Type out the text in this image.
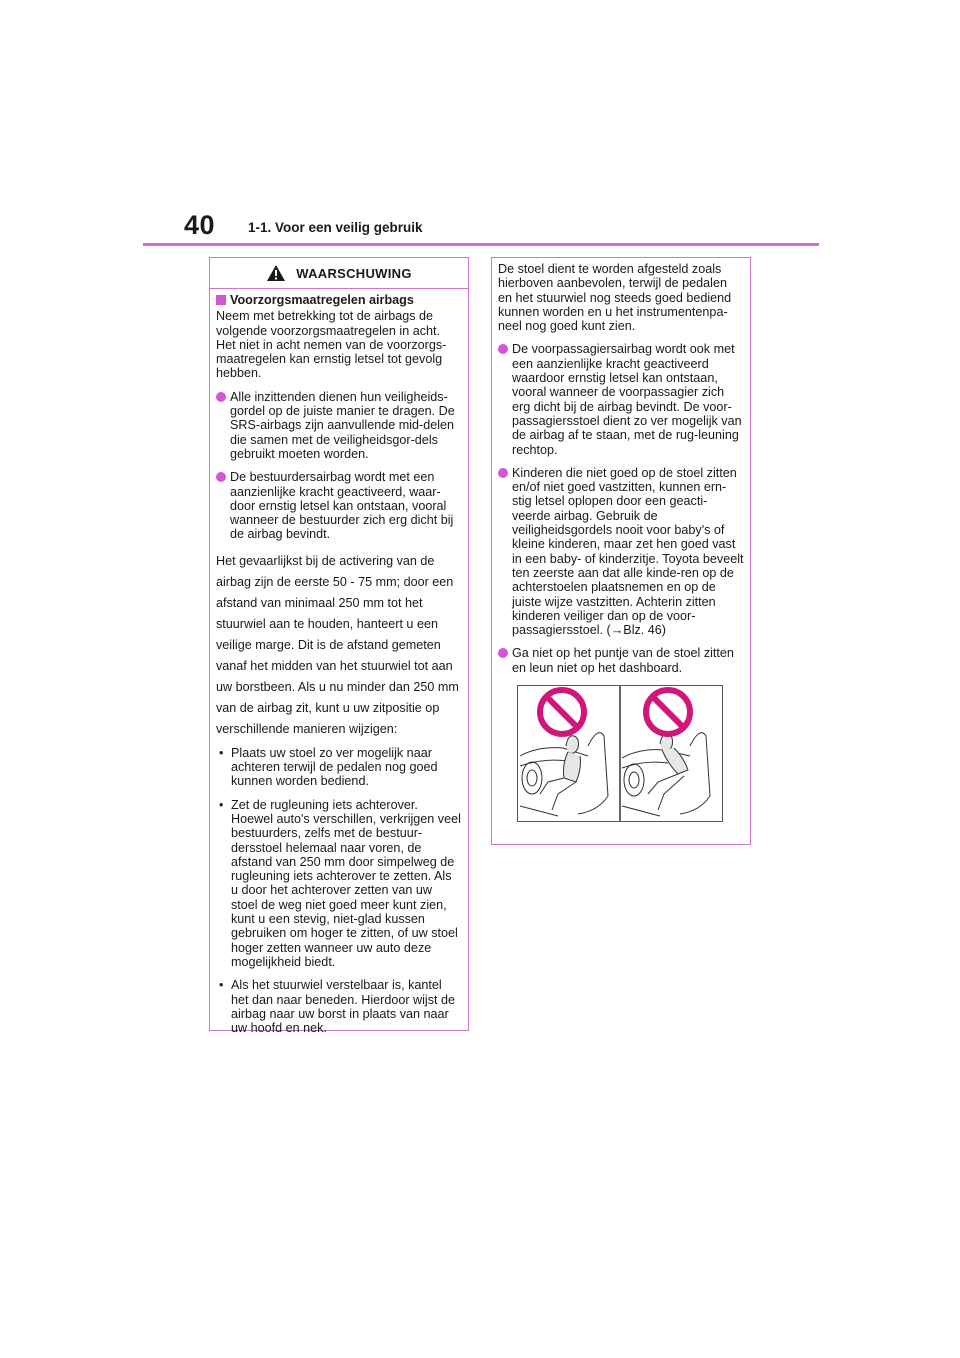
40 1-1. Voor een veilig gebruik
WAARSCHUWING
Voorzorgsmaatregelen airbags

Neem met betrekking tot de airbags de volgende voorzorgsmaatregelen in acht. Het niet in acht nemen van de voorzorgs-maatregelen kan ernstig letsel tot gevolg hebben.

Alle inzittenden dienen hun veiligheids-gordel op de juiste manier te dragen. De SRS-airbags zijn aanvullende mid-delen die samen met de veiligheidsgor-dels gebruikt moeten worden.
De bestuurdersairbag wordt met een aanzienlijke kracht geactiveerd, waar-door ernstig letsel kan ontstaan, vooral wanneer de bestuurder zich erg dicht bij de airbag bevindt.

Het gevaarlijkst bij de activering van de airbag zijn de eerste 50 - 75 mm; door een afstand van minimaal 250 mm tot het stuurwiel aan te houden, hanteert u een veilige marge. Dit is de afstand gemeten vanaf het midden van het stuurwiel tot aan uw borstbeen. Als u nu minder dan 250 mm van de airbag zit, kunt u uw zitpositie op verschillende manieren wijzigen:

• Plaats uw stoel zo ver mogelijk naar achteren terwijl de pedalen nog goed kunnen worden bediend.
• Zet de rugleuning iets achterover. Hoewel auto's verschillen, verkrijgen veel bestuurders, zelfs met de bestuur-dersstoel helemaal naar voren, de afstand van 250 mm door simpelweg de rugleuning iets achterover te zetten. Als u door het achterover zetten van uw stoel de weg niet goed meer kunt zien, kunt u een stevig, niet-glad kussen gebruiken om hoger te zitten, of uw stoel hoger zetten wanneer uw auto deze mogelijkheid biedt.
• Als het stuurwiel verstelbaar is, kantel het dan naar beneden. Hierdoor wijst de airbag naar uw borst in plaats van naar uw hoofd en nek.

De stoel dient te worden afgesteld zoals hierboven aanbevolen, terwijl de pedalen en het stuurwiel nog steeds goed bediend kunnen worden en u het instrumentenpa-neel nog goed kunt zien.

De voorpassagiersairbag wordt ook met een aanzienlijke kracht geactiveerd waardoor ernstig letsel kan ontstaan, vooral wanneer de voorpassagier zich erg dicht bij de airbag bevindt. De voor-passagiersstoel dient zo ver mogelijk van de airbag af te staan, met de rug-leuning rechtop.
Kinderen die niet goed op de stoel zitten en/of niet goed vastzitten, kunnen ern-stig letsel oplopen door een geacti-veerde airbag. Gebruik de veiligheidsgordels nooit voor baby's of kleine kinderen, maar zet hen goed vast in een baby- of kinderzitje. Toyota beveelt ten zeerste aan dat alle kinde-ren op de achterstoelen plaatsnemen en op de juiste wijze vastzitten. Achterin zitten kinderen veiliger dan op de voor-passagiersstoel. (→Blz. 46)
Ga niet op het puntje van de stoel zitten en leun niet op het dashboard.
